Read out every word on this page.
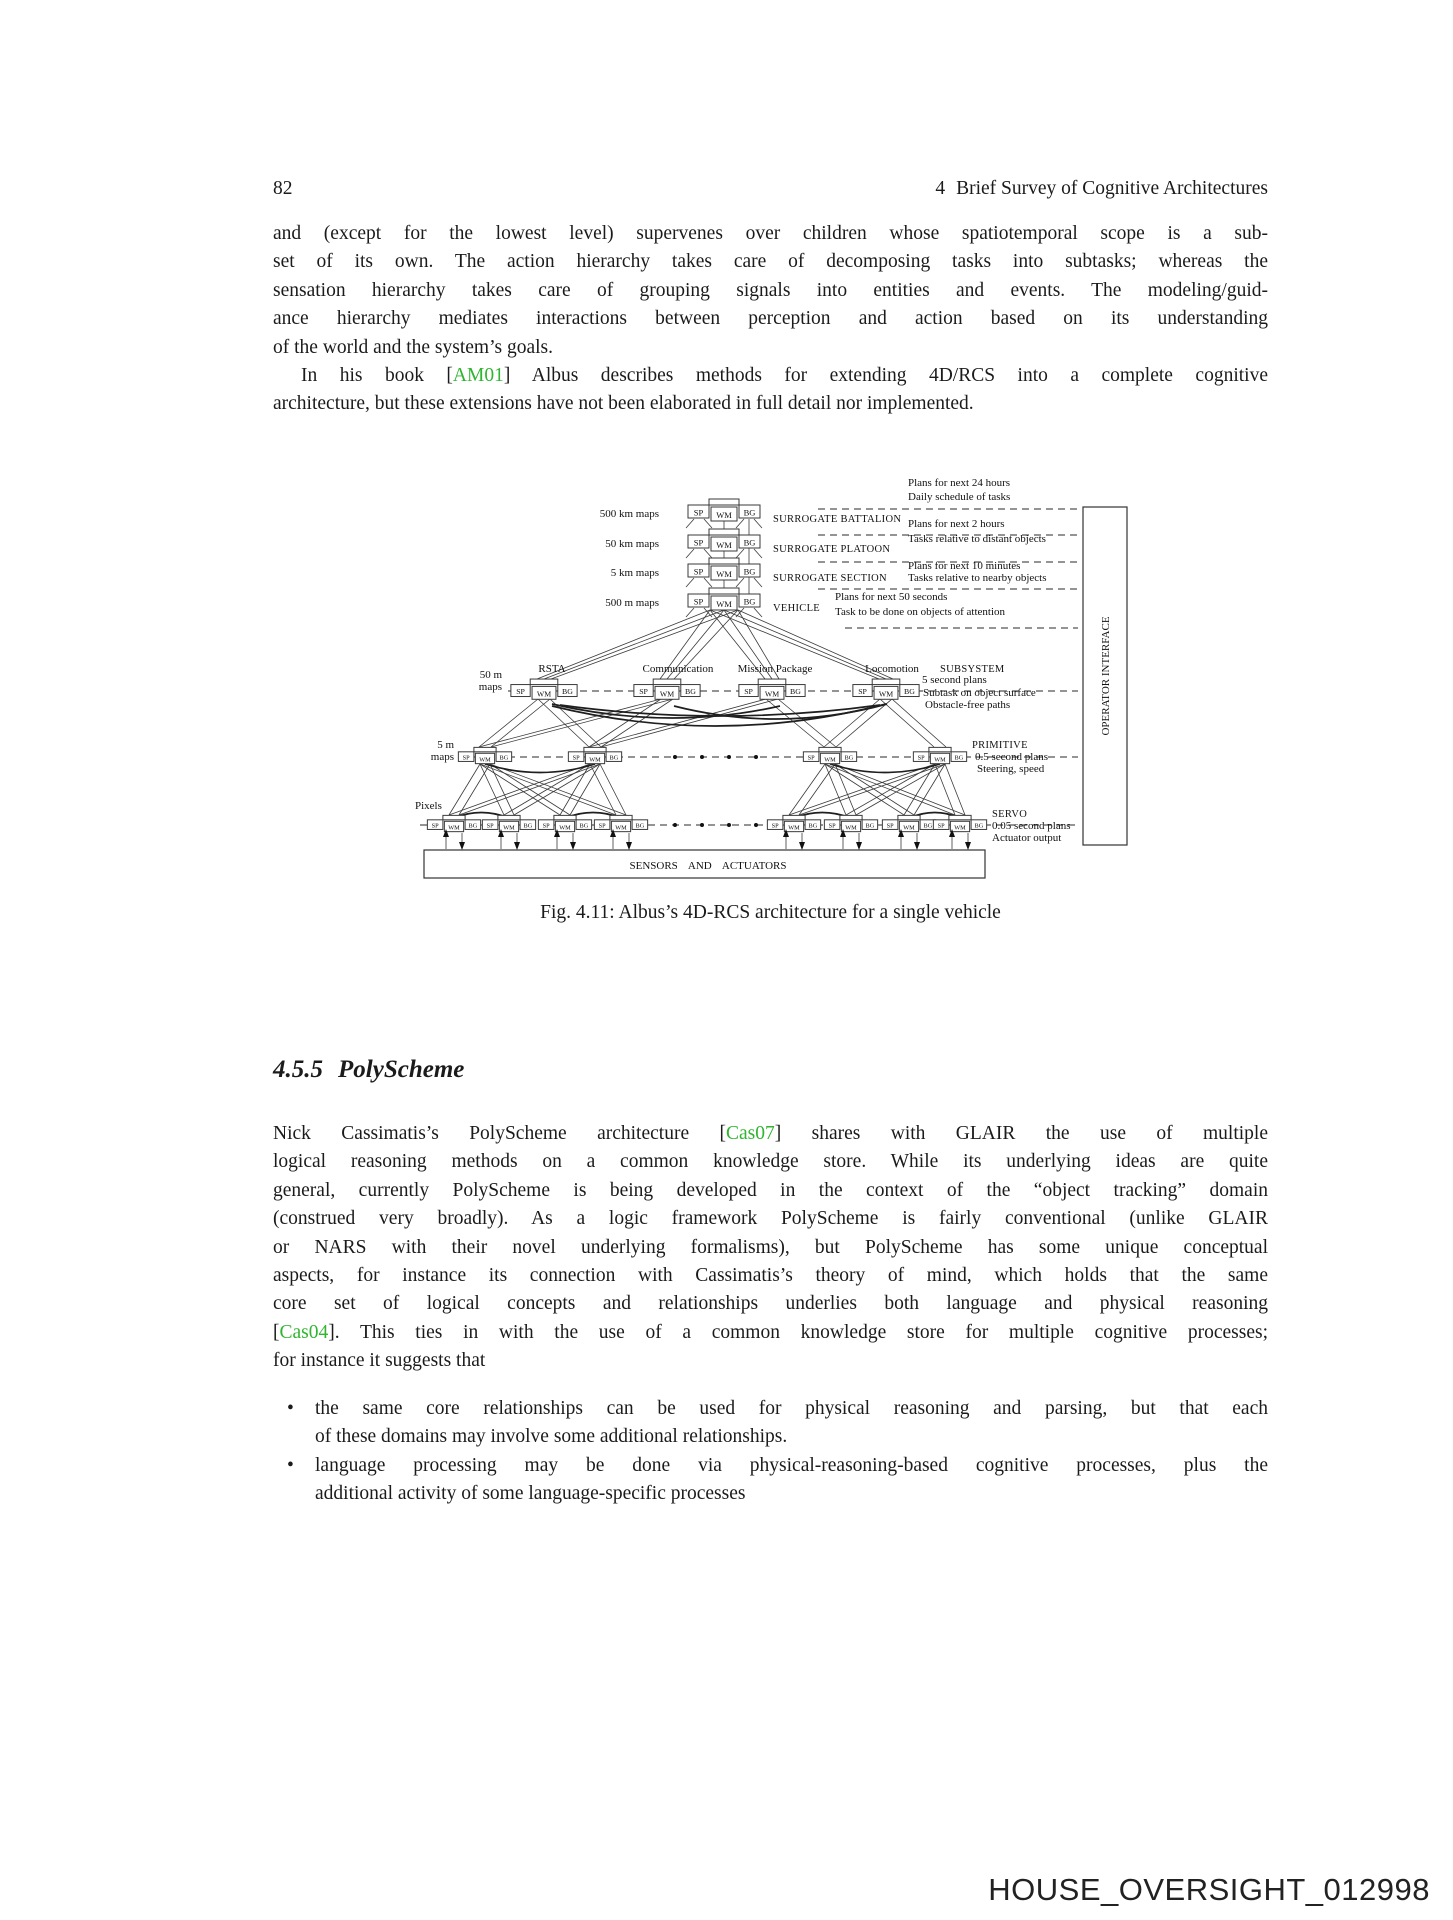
82	4 Brief Survey of Cognitive Architectures
and (except for the lowest level) supervenes over children whose spatiotemporal scope is a sub-
set of its own. The action hierarchy takes care of decomposing tasks into subtasks; whereas the
sensation hierarchy takes care of grouping signals into entities and events. The modeling/guid-
ance hierarchy mediates interactions between perception and action based on its understanding
of the world and the system’s goals.
In his book [AM01] Albus describes methods for extending 4D/RCS into a complete cognitive
architecture, but these extensions have not been elaborated in full detail nor implemented.
SP WM BG
SP WM BG
SP WM BG
SP WM BG
SP WM BG	SP WM BG	SP WM BG	SP WM BG
SP WM BG	SP WM BG	SP WM BG	SP WM BG
SP WM BG SP WM BG SP WM BG SP WM BG	SP WM BG SP WM BG SP WM BG SP WM BG
500 km maps
50 km maps
5 km maps
500 m maps
SURROGATE BATTALION
SURROGATE PLATOON
SURROGATE SECTION
VEHICLE
Plans for next 24 hours
Daily schedule of tasks
Plans for next 2 hours
Tasks relative to distant objects
Plans for next 10 minutes
Tasks relative to nearby objects
Plans for next 50 seconds
Task to be done on objects of attention
50 m
maps
RSTA	Communication Mission Package	Locomotion SUBSYSTEM
5 second plans
Subtask on object surface
Obstacle-free paths
5 m
maps
PRIMITIVE
0.5 second plans
Steering, speed
Pixels
SERVO
0.05 second plans
Actuator output
SENSORS AND ACTUATORS
OPERATOR INTERFACE
Fig. 4.11: Albus’s 4D-RCS architecture for a single vehicle
4.5.5 PolyScheme
Nick Cassimatis’s PolyScheme architecture [Cas07] shares with GLAIR the use of multiple
logical reasoning methods on a common knowledge store. While its underlying ideas are quite
general, currently PolyScheme is being developed in the context of the “object tracking” domain
(construed very broadly). As a logic framework PolyScheme is fairly conventional (unlike GLAIR
or NARS with their novel underlying formalisms), but PolyScheme has some unique conceptual
aspects, for instance its connection with Cassimatis’s theory of mind, which holds that the same
core set of logical concepts and relationships underlies both language and physical reasoning
[Cas04]. This ties in with the use of a common knowledge store for multiple cognitive processes;
for instance it suggests that
• the same core relationships can be used for physical reasoning and parsing, but that each
of these domains may involve some additional relationships.
• language processing may be done via physical-reasoning-based cognitive processes, plus the
additional activity of some language-specific processes
HOUSE_OVERSIGHT_012998
